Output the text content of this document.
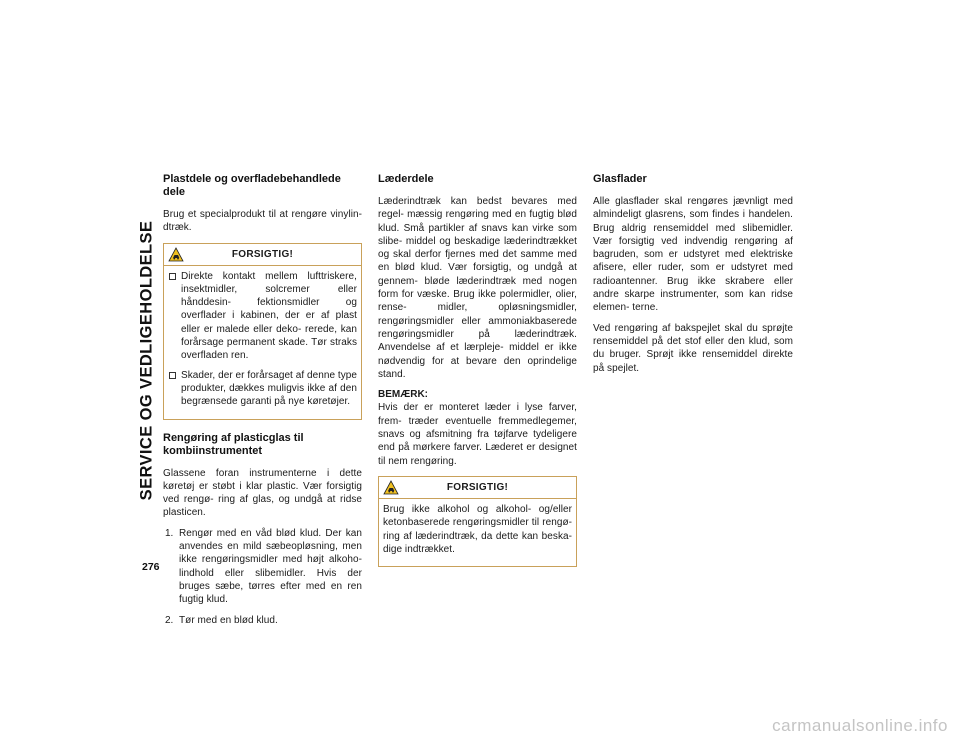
SERVICE OG VEDLIGEHOLDELSE
276
Plastdele og overfladebehandlede dele

Brug et specialprodukt til at rengøre vinylin- dtræk.

FORSIGTIG!

Direkte kontakt mellem lufttriskere, insektmidler, solcremer eller hånddesin- fektionsmidler og overflader i kabinen, der er af plast eller er malede eller deko- rerede, kan forårsage permanent skade. Tør straks overfladen ren.

Skader, der er forårsaget af denne type produkter, dækkes muligvis ikke af den begrænsede garanti på nye køretøjer.

Rengøring af plasticglas til kombiinstrumentet

Glassene foran instrumenterne i dette køretøj er støbt i klar plastic. Vær forsigtig ved rengø- ring af glas, og undgå at ridse plasticen.

1. Rengør med en våd blød klud. Der kan anvendes en mild sæbeopløsning, men ikke rengøringsmidler med højt alkoho- lindhold eller slibemidler. Hvis der bruges sæbe, tørres efter med en ren fugtig klud.

2. Tør med en blød klud.

Læderdele

Læderindtræk kan bedst bevares med regel- mæssig rengøring med en fugtig blød klud. Små partikler af snavs kan virke som slibe- middel og beskadige læderindtrækket og skal derfor fjernes med det samme med en blød klud. Vær forsigtig, og undgå at gennem- bløde læderindtræk med nogen form for væske. Brug ikke polermidler, olier, rense- midler, opløsningsmidler, rengøringsmidler eller ammoniakbaserede rengøringsmidler på læderindtræk. Anvendelse af et lærpleje- middel er ikke nødvendig for at bevare den oprindelige stand.

BEMÆRK:

Hvis der er monteret læder i lyse farver, frem- træder eventuelle fremmedlegemer, snavs og afsmitning fra tøjfarve tydeligere end på mørkere farver. Læderet er designet til nem rengøring.

FORSIGTIG!

Brug ikke alkohol og alkohol- og/eller ketonbaserede rengøringsmidler til rengø- ring af læderindtræk, da dette kan beska- dige indtrækket.

Glasflader

Alle glasflader skal rengøres jævnligt med almindeligt glasrens, som findes i handelen. Brug aldrig rensemiddel med slibemidler. Vær forsigtig ved indvendig rengøring af bagruden, som er udstyret med elektriske afisere, eller ruder, som er udstyret med radioantenner. Brug ikke skrabere eller andre skarpe instrumenter, som kan ridse elemen- terne.

Ved rengøring af bakspejlet skal du sprøjte rensemiddel på det stof eller den klud, som du bruger. Sprøjt ikke rensemiddel direkte på spejlet.

carmanualsonline.info
